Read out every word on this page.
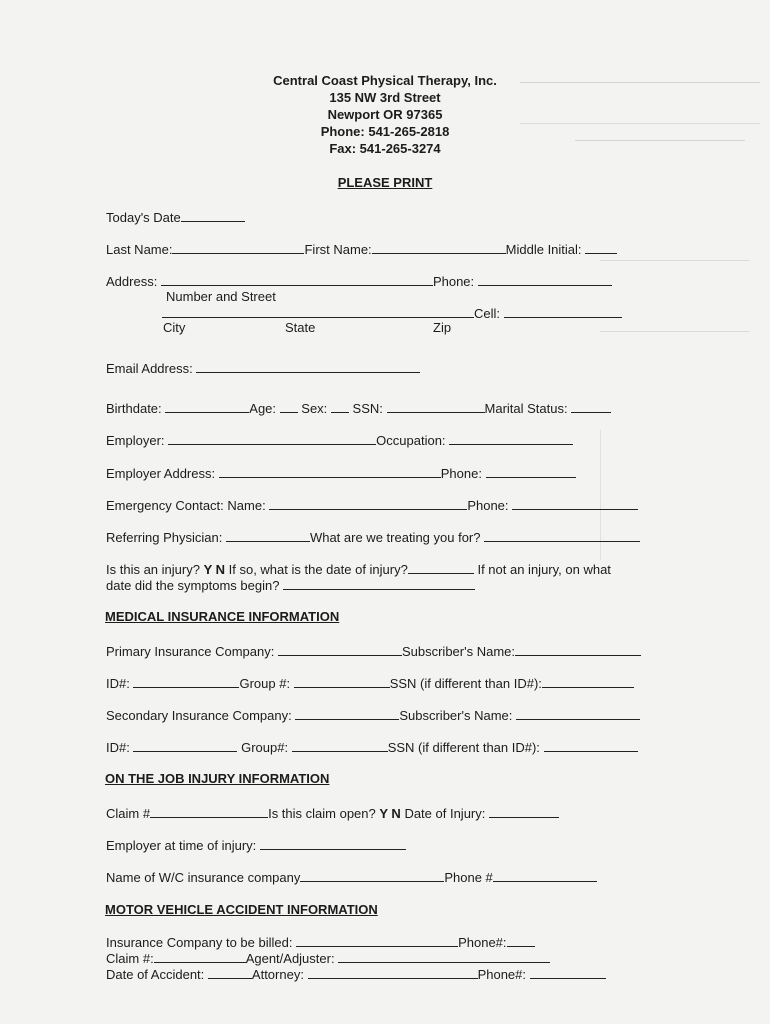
Central Coast Physical Therapy, Inc.
135 NW 3rd Street
Newport OR 97365
Phone: 541-265-2818
Fax: 541-265-3274
PLEASE PRINT
Today's Date
Last Name:	First Name:	Middle Initial:
Address:	Phone:
Number and Street
Cell:
City	State	Zip
Email Address:
Birthdate:	Age: Sex: SSN:	Marital Status:
Employer:	Occupation:
Employer Address:	Phone:
Emergency Contact: Name:	Phone:
Referring Physician:	What are we treating you for?
Is this an injury? Y N If so, what is the date of injury?	If not an injury, on what
date did the symptoms begin?
MEDICAL INSURANCE INFORMATION
Primary Insurance Company:	Subscriber's Name:
ID#:	Group #:	SSN (if different than ID#):
Secondary Insurance Company:	Subscriber's Name:
ID#:	Group#:	SSN (if different than ID#):
ON THE JOB INJURY INFORMATION
Claim #	Is this claim open? Y N Date of Injury:
Employer at time of injury:
Name of W/C insurance company	Phone #
MOTOR VEHICLE ACCIDENT INFORMATION
Insurance Company to be billed:	Phone#:
Claim #:	Agent/Adjuster:
Date of Accident:	Attorney:	Phone#:
